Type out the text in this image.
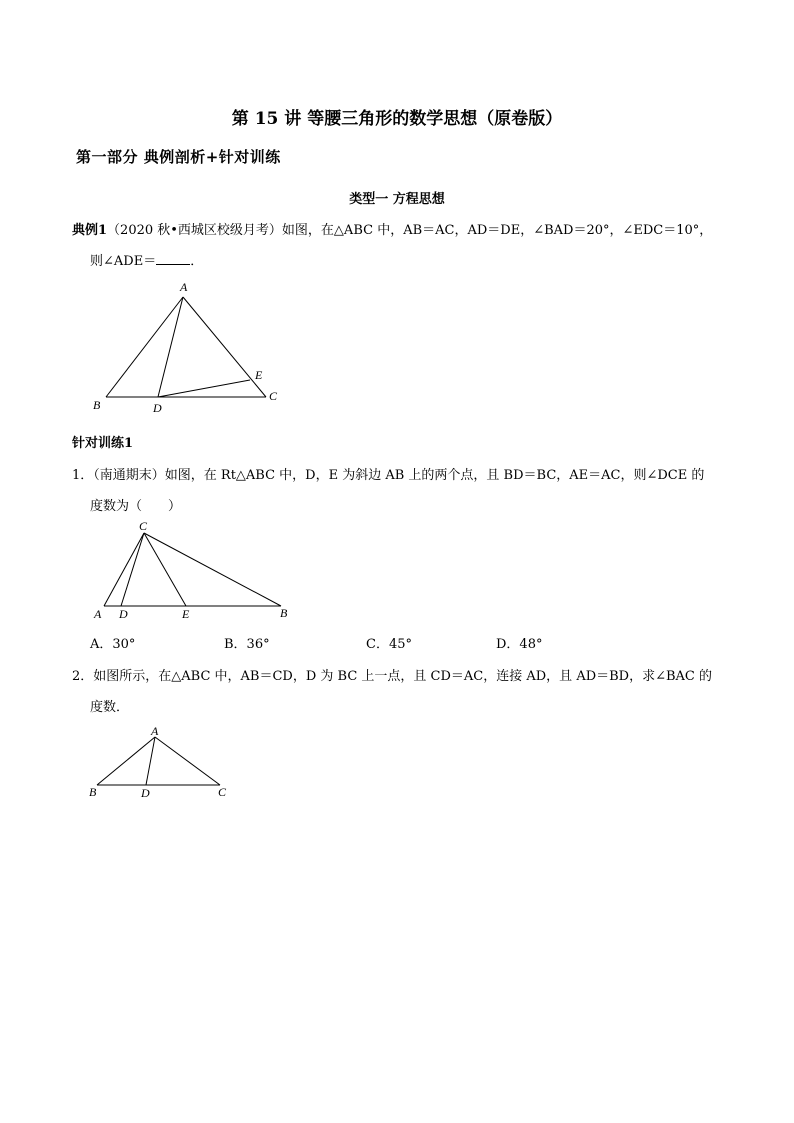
第 15 讲 等腰三角形的数学思想（原卷版）
第一部分 典例剖析+针对训练
类型一 方程思想
典例1（2020 秋•西城区校级月考）如图，在△ABC 中，AB＝AC，AD＝DE，∠BAD＝20°，∠EDC＝10°，
则∠ADE＝	．
A
B	D
E
C
针对训练1
1．（南通期末）如图，在 Rt△ABC 中，D，E 为斜边 AB 上的两个点，且 BD＝BC，AE＝AC，则∠DCE 的
度数为（　　）
C
A D	E	B
A．30°	B．36°	C．45°	D．48°
2．如图所示，在△ABC 中，AB＝CD，D 为 BC 上一点，且 CD＝AC，连接 AD，且 AD＝BD，求∠BAC 的
度数．
A
B	D	C
